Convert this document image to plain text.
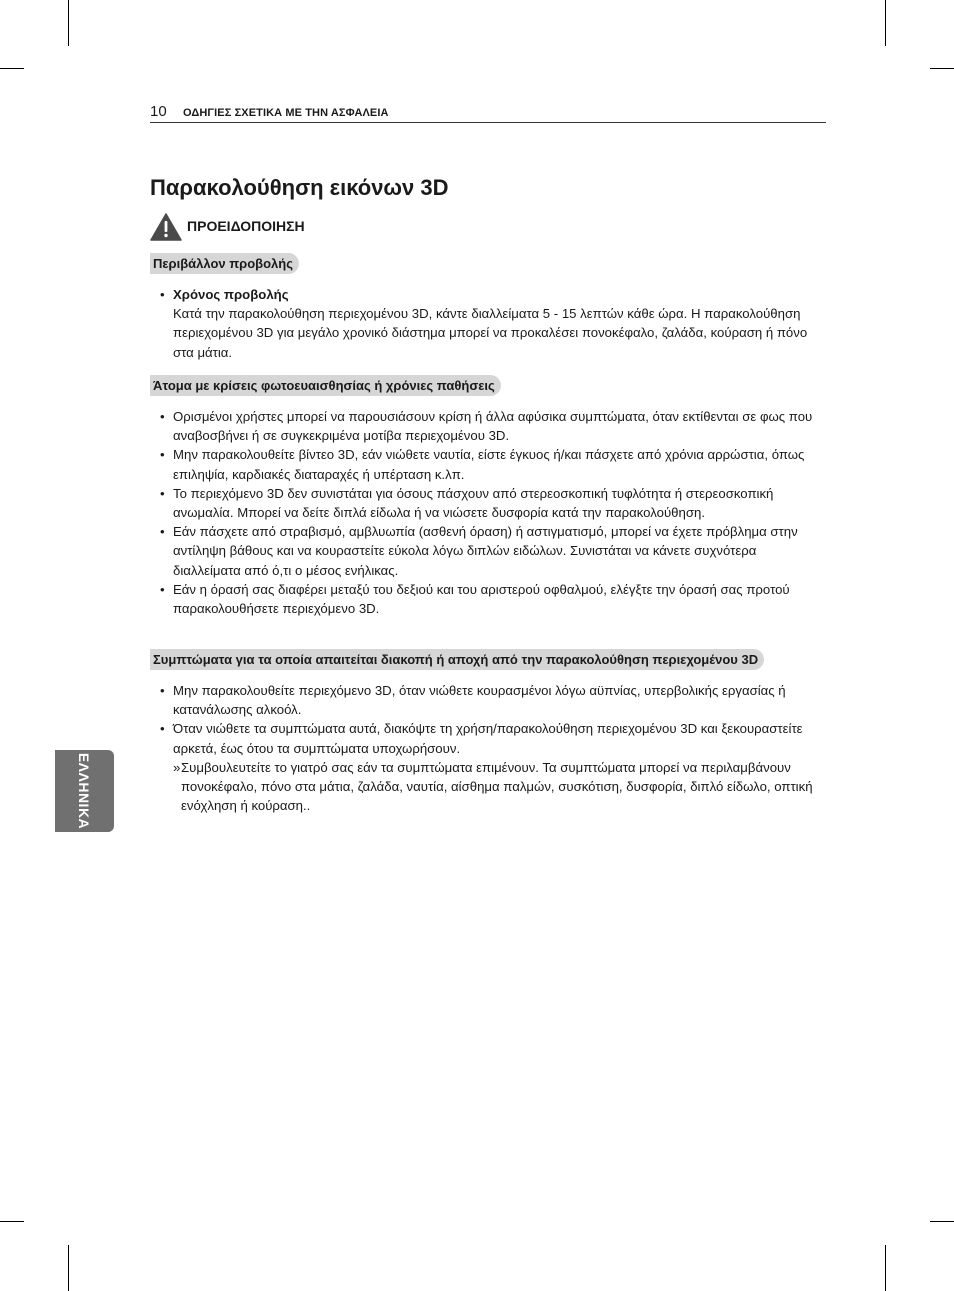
10 ΟΔΗΓΙΕΣ ΣΧΕΤΙΚΑ ΜΕ ΤΗΝ ΑΣΦΑΛΕΙΑ
Παρακολούθηση εικόνων 3D
ΠΡΟΕΙΔΟΠΟΙΗΣΗ
Περιβάλλον προβολής
• Χρόνος προβολής
Κατά την παρακολούθηση περιεχομένου 3D, κάντε διαλλείματα 5 - 15 λεπτών κάθε ώρα. Η παρακολούθηση περιεχομένου 3D για μεγάλο χρονικό διάστημα μπορεί να προκαλέσει πονοκέφαλο, ζαλάδα, κούραση ή πόνο στα μάτια.
Άτομα με κρίσεις φωτοευαισθησίας ή χρόνιες παθήσεις
• Ορισμένοι χρήστες μπορεί να παρουσιάσουν κρίση ή άλλα αφύσικα συμπτώματα, όταν εκτίθενται σε φως που αναβοσβήνει ή σε συγκεκριμένα μοτίβα περιεχομένου 3D.
• Μην παρακολουθείτε βίντεο 3D, εάν νιώθετε ναυτία, είστε έγκυος ή/και πάσχετε από χρόνια αρρώστια, όπως επιληψία, καρδιακές διαταραχές ή υπέρταση κ.λπ.
• Το περιεχόμενο 3D δεν συνιστάται για όσους πάσχουν από στερεοσκοπική τυφλότητα ή στερεοσκοπική ανωμαλία. Μπορεί να δείτε διπλά είδωλα ή να νιώσετε δυσφορία κατά την παρακολούθηση.
• Εάν πάσχετε από στραβισμό, αμβλυωπία (ασθενή όραση) ή αστιγματισμό, μπορεί να έχετε πρόβλημα στην αντίληψη βάθους και να κουραστείτε εύκολα λόγω διπλών ειδώλων. Συνιστάται να κάνετε συχνότερα διαλλείματα από ό,τι ο μέσος ενήλικας.
• Εάν η όρασή σας διαφέρει μεταξύ του δεξιού και του αριστερού οφθαλμού, ελέγξτε την όρασή σας προτού παρακολουθήσετε περιεχόμενο 3D.
Συμπτώματα για τα οποία απαιτείται διακοπή ή αποχή από την παρακολούθηση περιεχομένου 3D
• Μην παρακολουθείτε περιεχόμενο 3D, όταν νιώθετε κουρασμένοι λόγω αϋπνίας, υπερβολικής εργασίας ή κατανάλωσης αλκοόλ.
• Όταν νιώθετε τα συμπτώματα αυτά, διακόψτε τη χρήση/παρακολούθηση περιεχομένου 3D και ξεκουραστείτε αρκετά, έως ότου τα συμπτώματα υποχωρήσουν.
» Συμβουλευτείτε το γιατρό σας εάν τα συμπτώματα επιμένουν. Τα συμπτώματα μπορεί να περιλαμβάνουν πονοκέφαλο, πόνο στα μάτια, ζαλάδα, ναυτία, αίσθημα παλμών, συσκότιση, δυσφορία, διπλό είδωλο, οπτική ενόχληση ή κούραση..
ΕΛΛΗΝΙΚΑ
